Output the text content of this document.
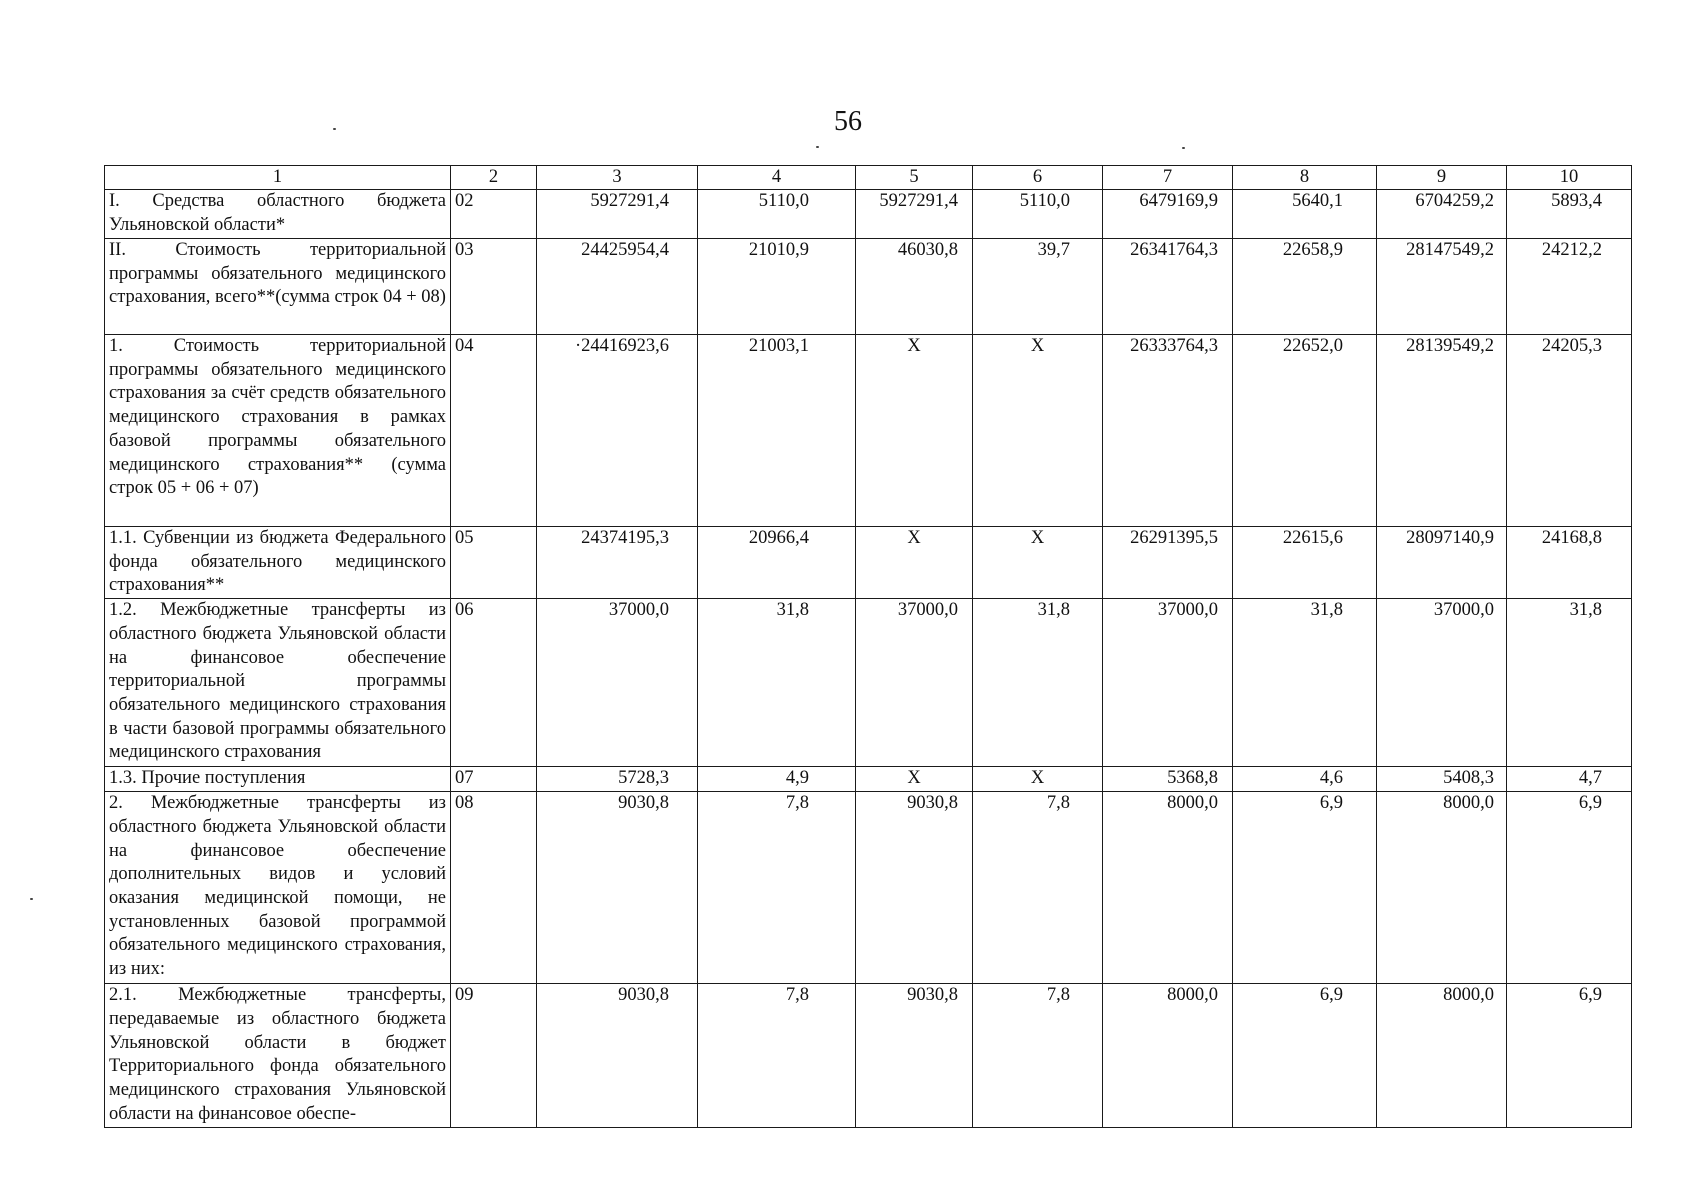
56
1	2	3	4	5	6	7	8	9	10
I. Средства областного бюджета Ульяновской области*	02	5927291,4	5110,0	5927291,4	5110,0	6479169,9	5640,1	6704259,2	5893,4
II. Стоимость территориальной программы обязательного медицинского страхования, всего**(сумма строк 04 + 08)	03	24425954,4	21010,9	46030,8	39,7	26341764,3	22658,9	28147549,2	24212,2
1. Стоимость территориальной программы обязательного медицинского страхования за счёт средств обязательного медицинского страхования в рамках базовой программы обязательного медицинского страхования** (сумма строк 05 + 06 + 07)	04	·24416923,6	21003,1	Х	Х	26333764,3	22652,0	28139549,2	24205,3
1.1. Субвенции из бюджета Федерального фонда обязательного медицинского страхования**	05	24374195,3	20966,4	Х	Х	26291395,5	22615,6	28097140,9	24168,8
1.2. Межбюджетные трансферты из областного бюджета Ульяновской области на финансовое обеспечение территориальной программы обязательного медицинского страхования в части базовой программы обязательного медицинского страхования	06	37000,0	31,8	37000,0	31,8	37000,0	31,8	37000,0	31,8
1.3. Прочие поступления	07	5728,3	4,9	Х	Х	5368,8	4,6	5408,3	4,7
2. Межбюджетные трансферты из областного бюджета Ульяновской области на финансовое обеспечение дополнительных видов и условий оказания медицинской помощи, не установленных базовой программой обязательного медицинского страхования, из них:	08	9030,8	7,8	9030,8	7,8	8000,0	6,9	8000,0	6,9
2.1. Межбюджетные трансферты, передаваемые из областного бюджета Ульяновской области в бюджет Территориального фонда обязательного медицинского страхования Ульяновской области на финансовое обеспе-	09	9030,8	7,8	9030,8	7,8	8000,0	6,9	8000,0	6,9
